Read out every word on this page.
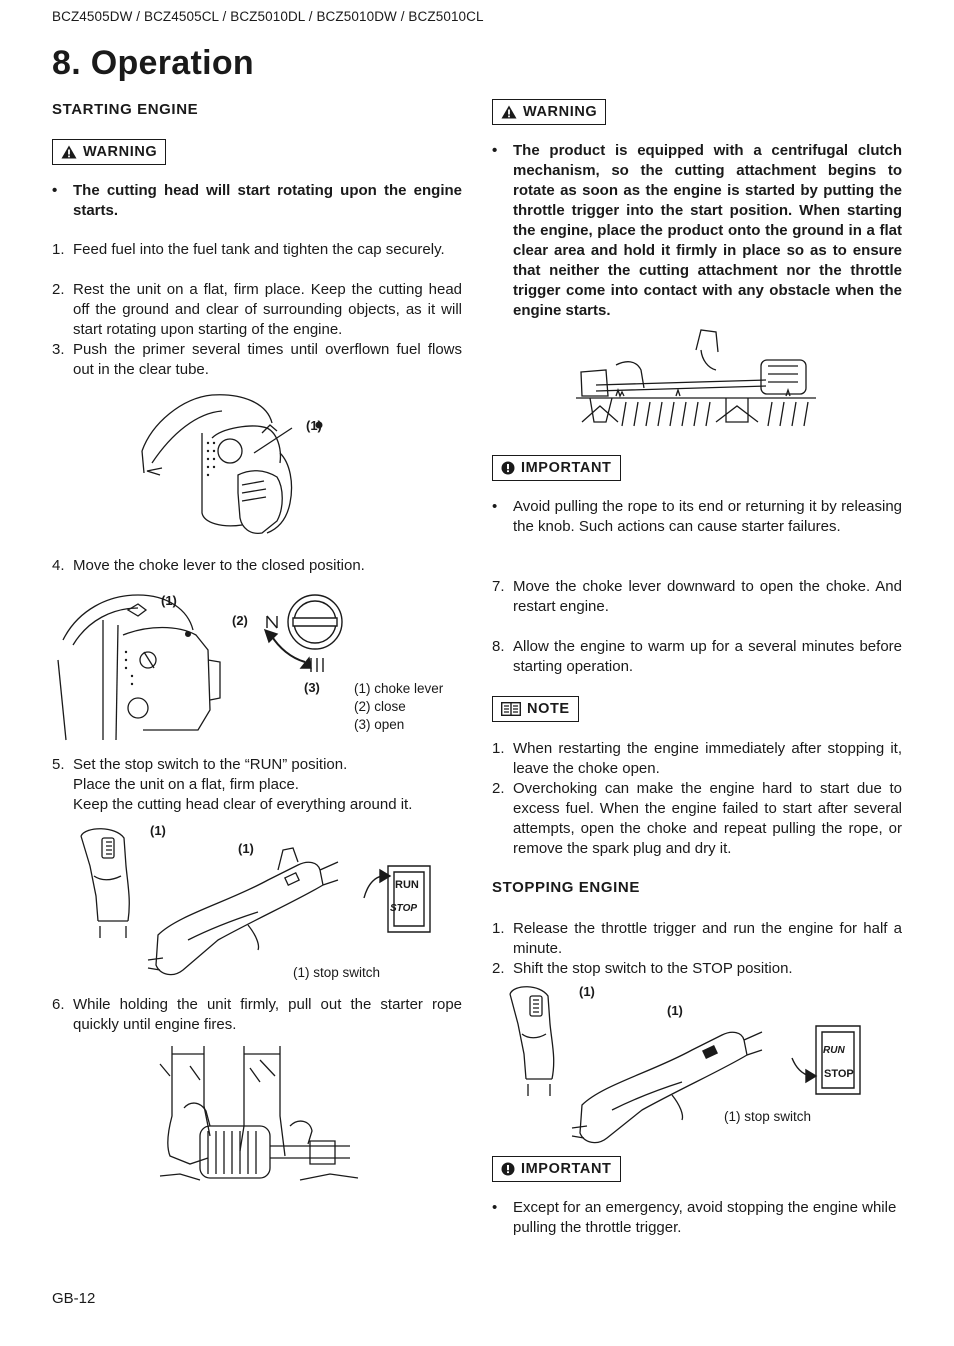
BCZ4505DW / BCZ4505CL / BCZ5010DL / BCZ5010DW / BCZ5010CL
8. Operation
STARTING ENGINE
WARNING
•	The cutting head will start rotating upon the engine starts.
1. Feed fuel into the fuel tank and tighten the cap securely.
2. Rest the unit on a flat, firm place. Keep the cutting head off the ground and clear of surrounding objects, as it will start rotating upon starting of the engine.
3. Push the primer several times until overflown fuel flows out in the clear tube.
(1)
4. Move the choke lever to the closed position.
(1)
(2)
(3)	(1) choke lever
(2) close
(3) open
5. Set the stop switch to the “RUN” position.
Place the unit on a flat, firm place.
Keep the cutting head clear of everything around it.
RUN
STOP
(1)
(1)
(1) stop switch
6. While holding the unit firmly, pull out the starter rope quickly until engine fires.
WARNING
•	The product is equipped with a centrifugal clutch mechanism, so the cutting attachment begins to rotate as soon as the engine is started by putting the throttle trigger into the start position. When starting the engine, place the product onto the ground in a flat clear area and hold it firmly in place so as to ensure that neither the cutting attachment nor the throttle trigger come into contact with any obstacle when the engine starts.
IMPORTANT
•	Avoid pulling the rope to its end or returning it by releasing the knob. Such actions can cause starter failures.
7. Move the choke lever downward to open the choke. And restart engine.
8. Allow the engine to warm up for a several minutes before starting operation.
NOTE
1. When restarting the engine immediately after stopping it, leave the choke open.
2. Overchoking can make the engine hard to start due to excess fuel. When the engine failed to start after several attempts, open the choke and repeat pulling the rope, or remove the spark plug and dry it.
STOPPING ENGINE
1. Release the throttle trigger and run the engine for half a minute.
2. Shift the stop switch to the STOP position.
RUN
STOP
(1)
(1)
(1) stop switch
IMPORTANT
•	Except for an emergency, avoid stopping the engine while pulling the throttle trigger.
GB-12
